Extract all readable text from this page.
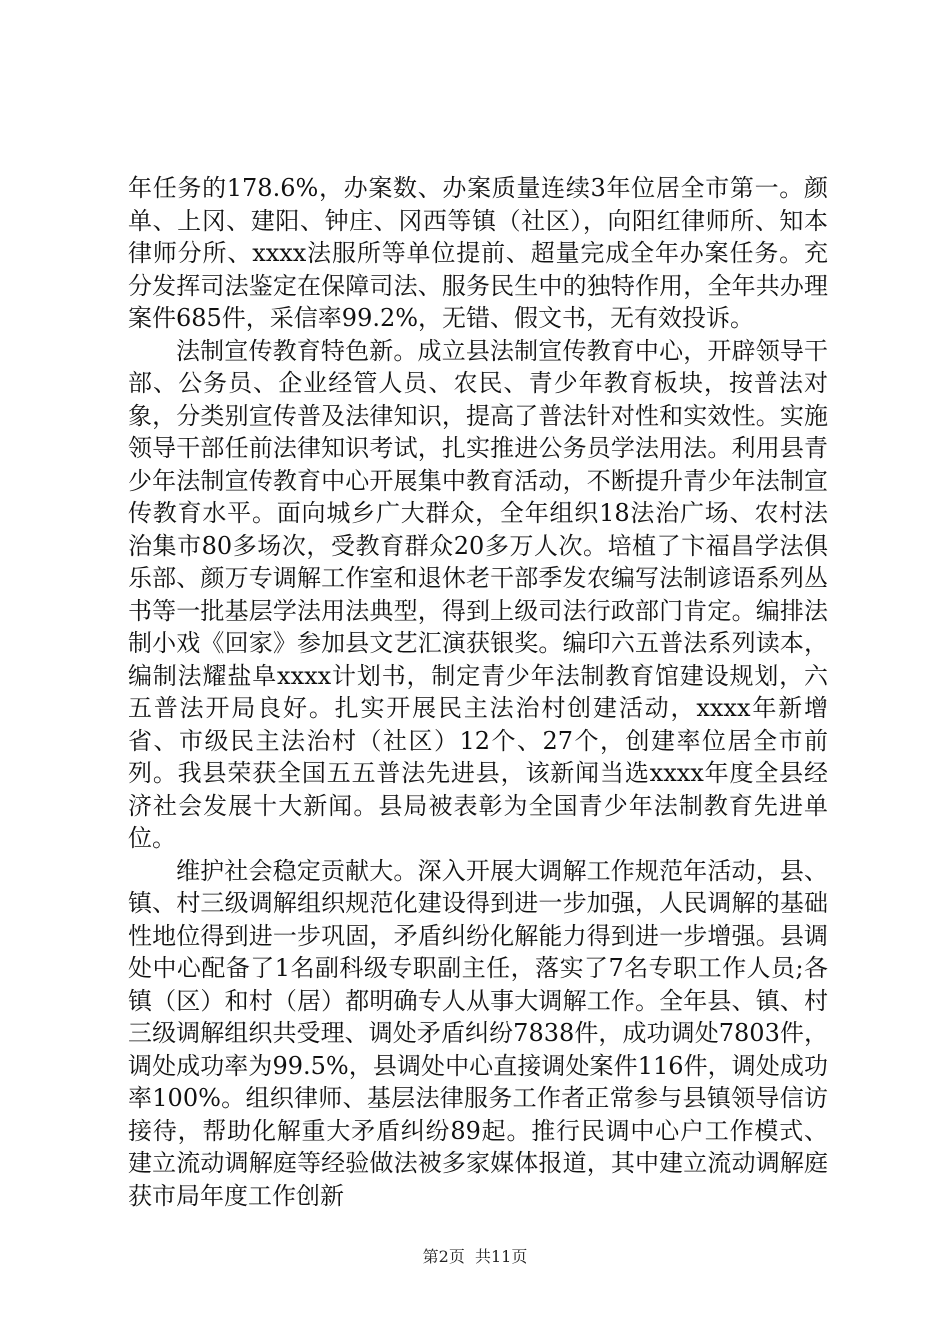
年任务的178.6%，办案数、办案质量连续3年位居全市第一。颜单、上冈、建阳、钟庄、冈西等镇（社区），向阳红律师所、知本律师分所、xxxx法服所等单位提前、超量完成全年办案任务。充分发挥司法鉴定在保障司法、服务民生中的独特作用，全年共办理案件685件，采信率99.2%，无错、假文书，无有效投诉。

法制宣传教育特色新。成立县法制宣传教育中心，开辟领导干部、公务员、企业经管人员、农民、青少年教育板块，按普法对象，分类别宣传普及法律知识，提高了普法针对性和实效性。实施领导干部任前法律知识考试，扎实推进公务员学法用法。利用县青少年法制宣传教育中心开展集中教育活动，不断提升青少年法制宣传教育水平。面向城乡广大群众，全年组织18法治广场、农村法治集市80多场次，受教育群众20多万人次。培植了卞福昌学法俱乐部、颜万专调解工作室和退休老干部季发农编写法制谚语系列丛书等一批基层学法用法典型，得到上级司法行政部门肯定。编排法制小戏《回家》参加县文艺汇演获银奖。编印六五普法系列读本，编制法耀盐阜xxxx计划书，制定青少年法制教育馆建设规划，六五普法开局良好。扎实开展民主法治村创建活动，xxxx年新增省、市级民主法治村（社区）12个、27个，创建率位居全市前列。我县荣获全国五五普法先进县，该新闻当选xxxx年度全县经济社会发展十大新闻。县局被表彰为全国青少年法制教育先进单位。

维护社会稳定贡献大。深入开展大调解工作规范年活动，县、镇、村三级调解组织规范化建设得到进一步加强，人民调解的基础性地位得到进一步巩固，矛盾纠纷化解能力得到进一步增强。县调处中心配备了1名副科级专职副主任，落实了7名专职工作人员;各镇（区）和村（居）都明确专人从事大调解工作。全年县、镇、村三级调解组织共受理、调处矛盾纠纷7838件，成功调处7803件，调处成功率为99.5%，县调处中心直接调处案件116件，调处成功率100%。组织律师、基层法律服务工作者正常参与县镇领导信访接待，帮助化解重大矛盾纠纷89起。推行民调中心户工作模式、建立流动调解庭等经验做法被多家媒体报道，其中建立流动调解庭获市局年度工作创新

第2页  共11页
